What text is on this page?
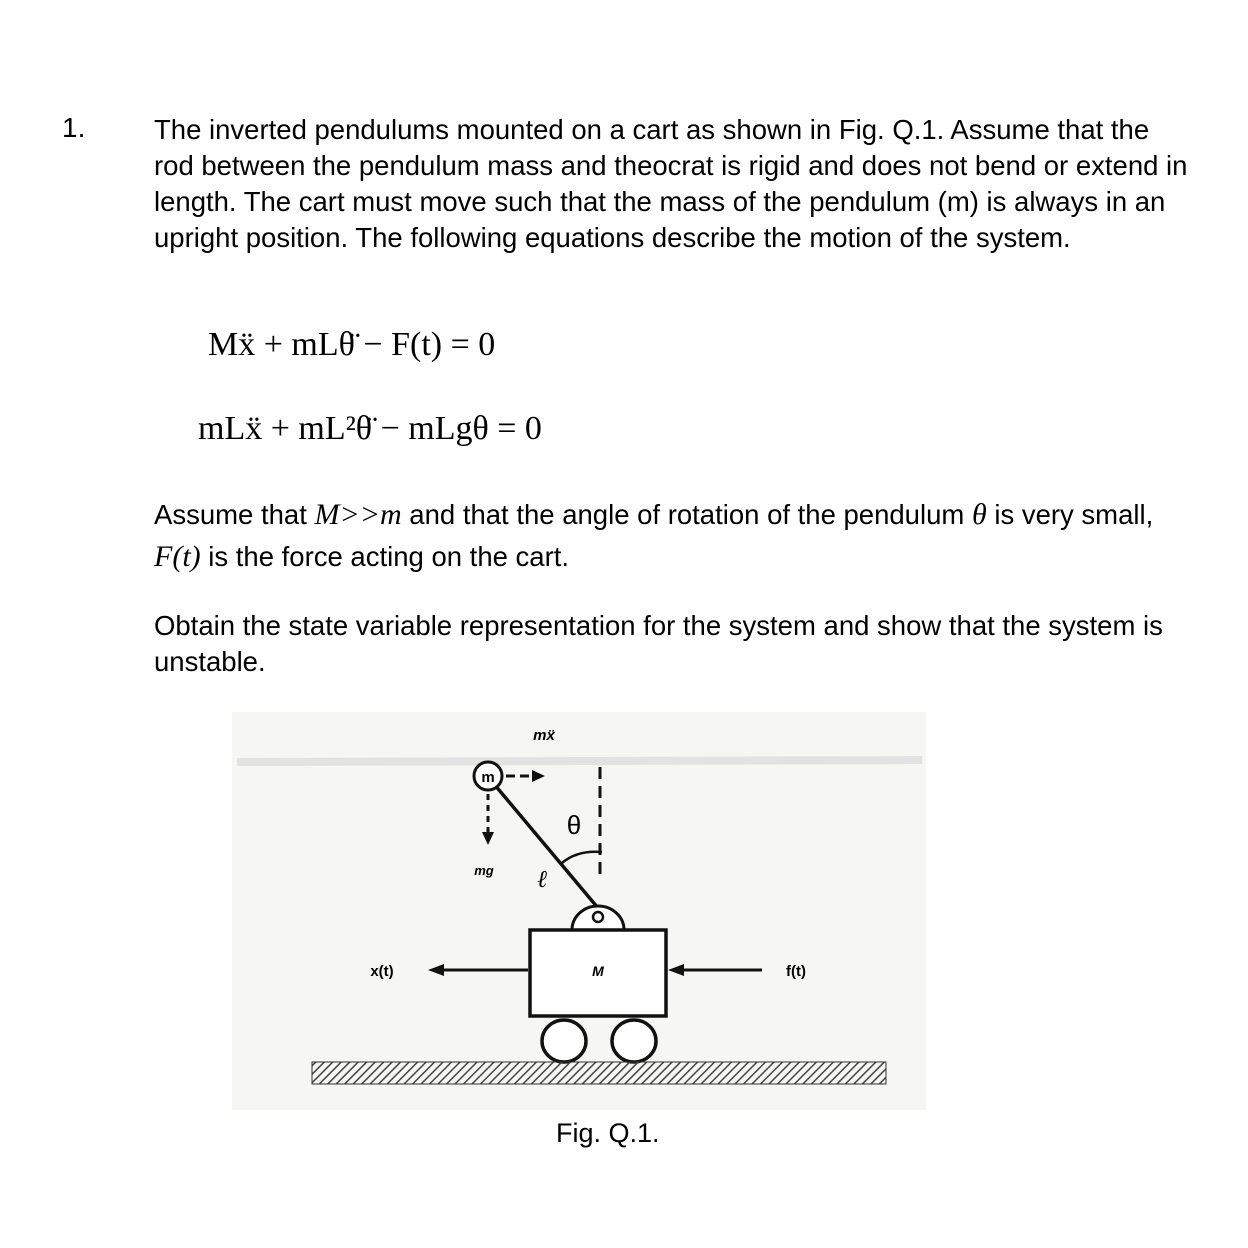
1. The inverted pendulums mounted on a cart as shown in Fig. Q.1. Assume that the rod between the pendulum mass and theocrat is rigid and does not bend or extend in length. The cart must move such that the mass of the pendulum (m) is always in an upright position. The following equations describe the motion of the system.

Mẍ + mLθ̈ − F(t) = 0
mLẍ + mL²θ̈ − mLgθ = 0

Assume that M>>m and that the angle of rotation of the pendulum θ is very small, F(t) is the force acting on the cart.

Obtain the state variable representation for the system and show that the system is unstable.

m
mẍ
mg
θ
ℓ
M
x(t)	f(t)
Fig. Q.1.
